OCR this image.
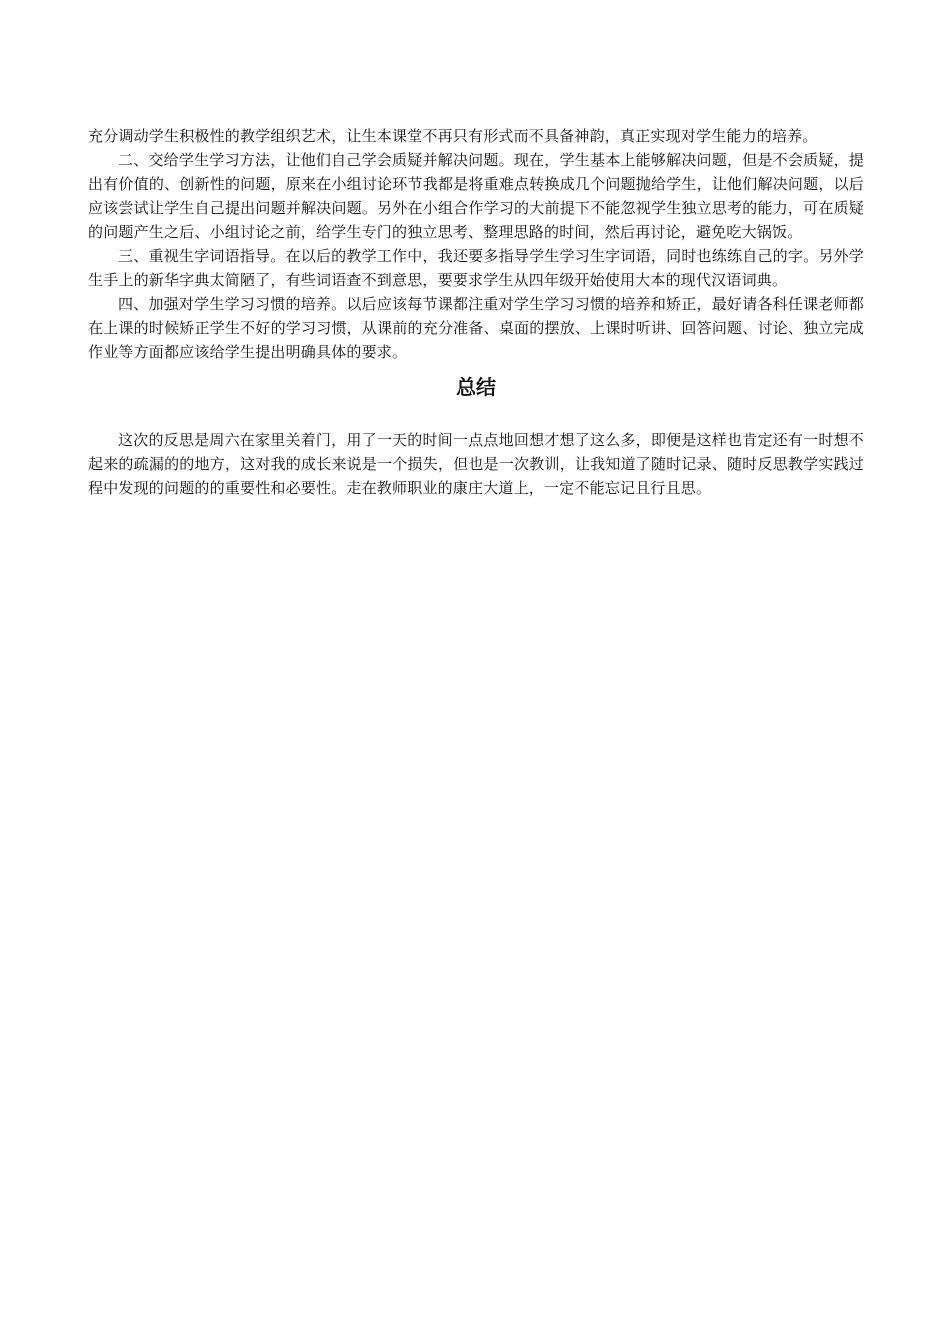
充分调动学生积极性的教学组织艺术，让生本课堂不再只有形式而不具备神韵，真正实现对学生能力的培养。

二、交给学生学习方法，让他们自己学会质疑并解决问题。现在，学生基本上能够解决问题，但是不会质疑，提出有价值的、创新性的问题，原来在小组讨论环节我都是将重难点转换成几个问题抛给学生，让他们解决问题，以后应该尝试让学生自己提出问题并解决问题。另外在小组合作学习的大前提下不能忽视学生独立思考的能力，可在质疑的问题产生之后、小组讨论之前，给学生专门的独立思考、整理思路的时间，然后再讨论，避免吃大锅饭。

三、重视生字词语指导。在以后的教学工作中，我还要多指导学生学习生字词语，同时也练练自己的字。另外学生手上的新华字典太简陋了，有些词语查不到意思，要要求学生从四年级开始使用大本的现代汉语词典。

四、加强对学生学习习惯的培养。以后应该每节课都注重对学生学习习惯的培养和矫正，最好请各科任课老师都在上课的时候矫正学生不好的学习习惯，从课前的充分准备、桌面的摆放、上课时听讲、回答问题、讨论、独立完成作业等方面都应该给学生提出明确具体的要求。

总结

这次的反思是周六在家里关着门，用了一天的时间一点点地回想才想了这么多，即便是这样也肯定还有一时想不起来的疏漏的的地方，这对我的成长来说是一个损失，但也是一次教训，让我知道了随时记录、随时反思教学实践过程中发现的问题的的重要性和必要性。走在教师职业的康庄大道上，一定不能忘记且行且思。
